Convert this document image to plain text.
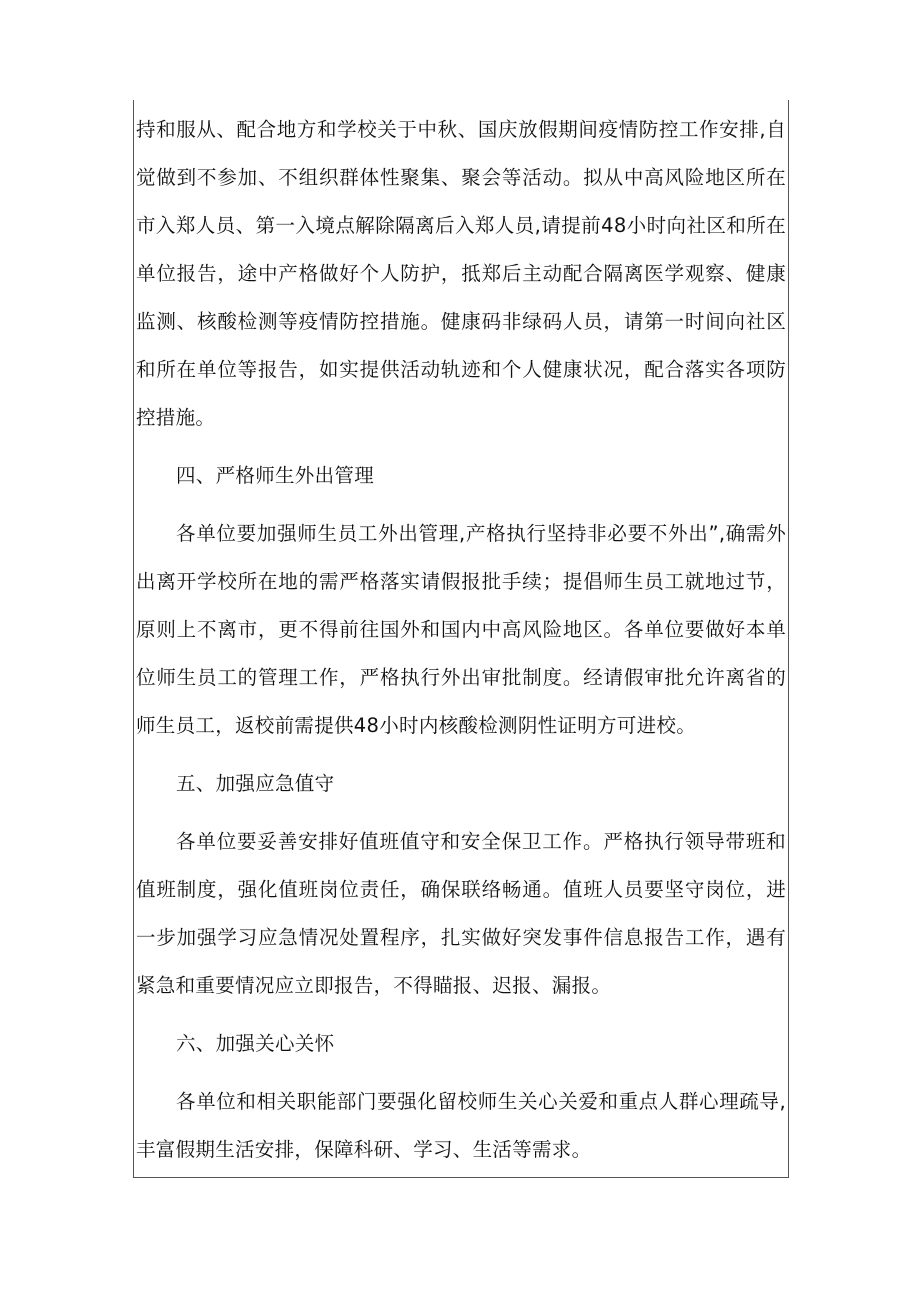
持和服从、配合地方和学校关于中秋、国庆放假期间疫情防控工作安排,自觉做到不参加、不组织群体性聚集、聚会等活动。拟从中高风险地区所在市入郑人员、第一入境点解除隔离后入郑人员,请提前48小时向社区和所在单位报告，途中产格做好个人防护，抵郑后主动配合隔离医学观察、健康监测、核酸检测等疫情防控措施。健康码非绿码人员，请第一时间向社区和所在单位等报告，如实提供活动轨迹和个人健康状况，配合落实各项防控措施。

四、严格师生外出管理

各单位要加强师生员工外出管理,产格执行坚持非必要不外出”,确需外出离开学校所在地的需严格落实请假报批手续；提倡师生员工就地过节，原则上不离市，更不得前往国外和国内中高风险地区。各单位要做好本单位师生员工的管理工作，严格执行外出审批制度。经请假审批允许离省的师生员工，返校前需提供48小时内核酸检测阴性证明方可进校。

五、加强应急值守

各单位要妥善安排好值班值守和安全保卫工作。严格执行领导带班和值班制度，强化值班岗位责任，确保联络畅通。值班人员要坚守岗位，进一步加强学习应急情况处置程序，扎实做好突发事件信息报告工作，遇有紧急和重要情况应立即报告，不得瞄报、迟报、漏报。

六、加强关心关怀

各单位和相关职能部门要强化留校师生关心关爱和重点人群心理疏导,丰富假期生活安排，保障科研、学习、生活等需求。
